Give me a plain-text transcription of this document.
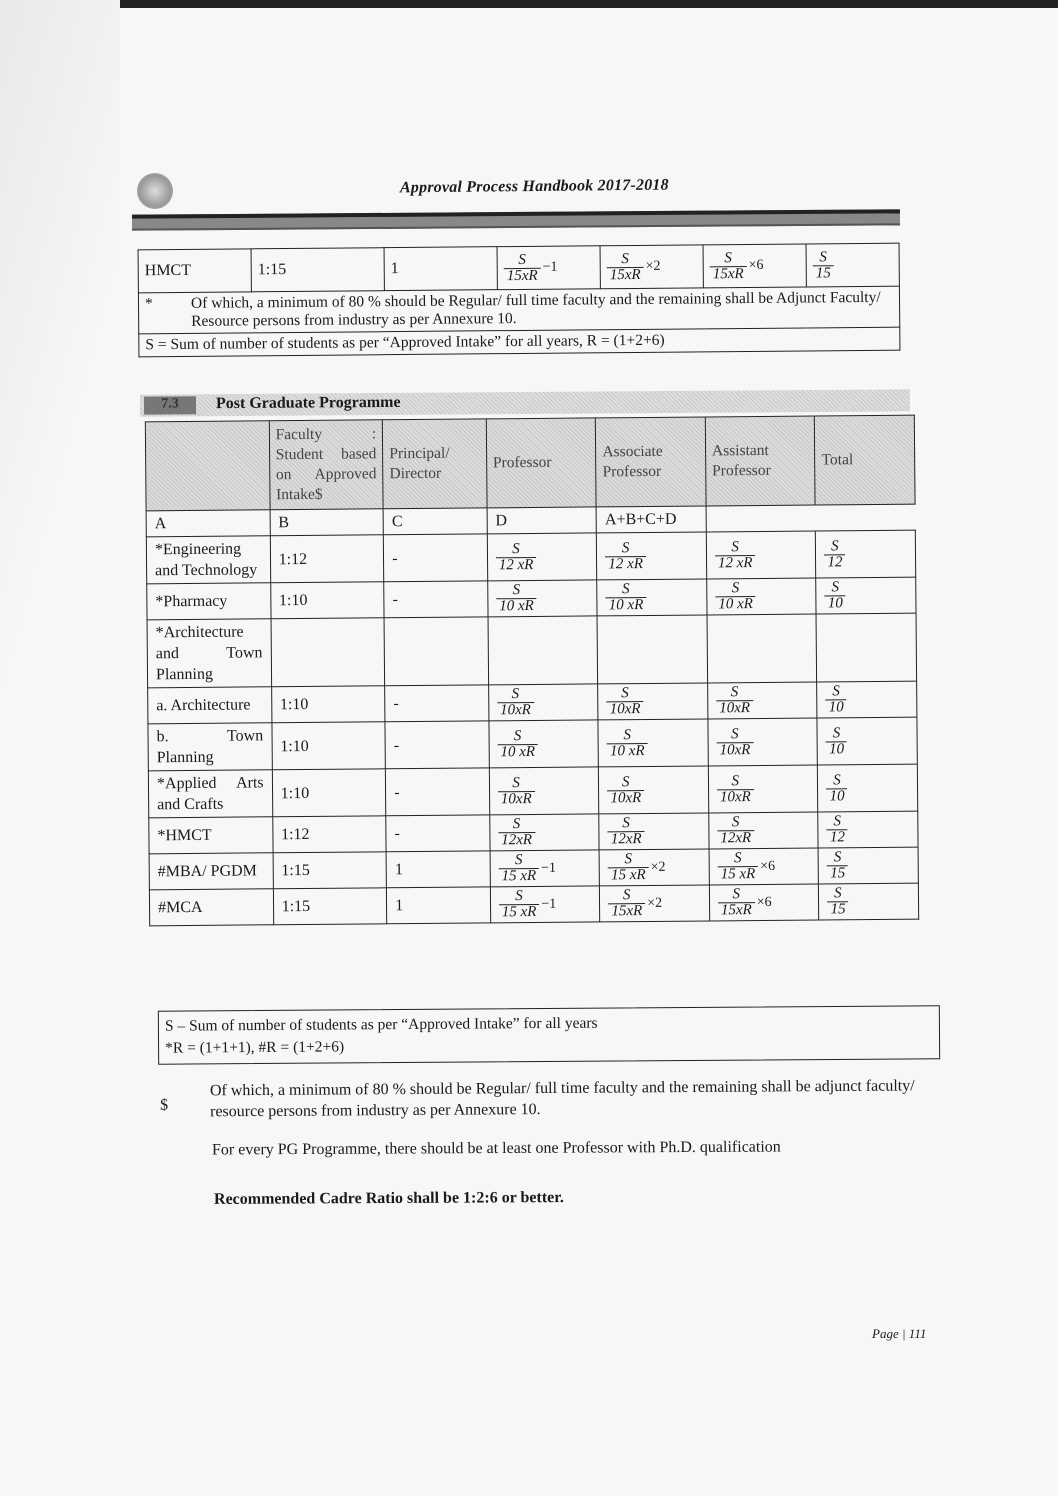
Approval Process Handbook 2017-2018
HMCT	1:15	1	$\frac{S}{15xR} -1$	$\frac{S}{15xR} \times 2$	$\frac{S}{15xR} \times 6$	$\frac{S}{15}$

*	Of which, a minimum of 80 % should be Regular/ full time faculty and the remaining shall be Adjunct Faculty/ Resource persons from industry as per Annexure 10.

S = Sum of number of students as per “Approved Intake” for all years, R = (1+2+6)
7.3	Post Graduate Programme
	Faculty : Student based on Approved Intake$	Principal/ Director	Professor	Associate Professor	Assistant Professor	Total
A	B	C	D	A+B+C+D		
*Engineering and Technology	1:12	-	$\frac{S}{12 xR}$	$\frac{S}{12 xR}$	$\frac{S}{12 xR}$	$\frac{S}{12}$

*Pharmacy	1:10	-	$\frac{S}{10 xR}$	$\frac{S}{10 xR}$	$\frac{S}{10 xR}$	$\frac{S}{10}$

*Architecture and Town Planning						
a. Architecture	1:10	-	$\frac{S}{10xR}$	$\frac{S}{10xR}$	$\frac{S}{10xR}$	$\frac{S}{10}$

b. Town Planning	1:10	-	$\frac{S}{10 xR}$	$\frac{S}{10 xR}$	$\frac{S}{10xR}$	$\frac{S}{10}$

*Applied Arts and Crafts	1:10	-	$\frac{S}{10xR}$	$\frac{S}{10xR}$	$\frac{S}{10xR}$	$\frac{S}{10}$

*HMCT	1:12	-	$\frac{S}{12xR}$	$\frac{S}{12xR}$	$\frac{S}{12xR}$	$\frac{S}{12}$

#MBA/ PGDM	1:15	1	$\frac{S}{15 xR} -1$	$\frac{S}{15 xR} \times 2$	$\frac{S}{15 xR} \times 6$	$\frac{S}{15}$

#MCA	1:15	1	$\frac{S}{15 xR} -1$	$\frac{S}{15xR} \times 2$	$\frac{S}{15xR} \times 6$	$\frac{S}{15}$
S – Sum of number of students as per “Approved Intake” for all years
*R = (1+1+1), #R = (1+2+6)
$
Of which, a minimum of 80 % should be Regular/ full time faculty and the remaining shall be adjunct faculty/ resource persons from industry as per Annexure 10.
For every PG Programme, there should be at least one Professor with Ph.D. qualification
Recommended Cadre Ratio shall be 1:2:6 or better.
Page | 111
